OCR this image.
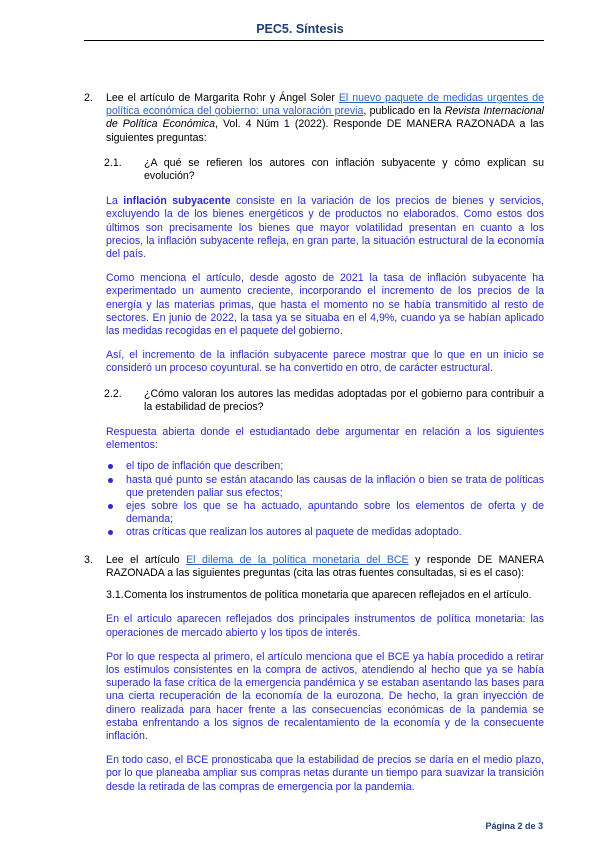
PEC5. Síntesis
2. Lee el artículo de Margarita Rohr y Ángel Soler El nuevo paquete de medidas urgentes de política económica del gobierno: una valoración previa, publicado en la Revista Internacional de Política Económica, Vol. 4 Núm 1 (2022). Responde DE MANERA RAZONADA a las siguientes preguntas:
2.1. ¿A qué se refieren los autores con inflación subyacente y cómo explican su evolución?
La inflación subyacente consiste en la variación de los precios de bienes y servicios, excluyendo la de los bienes energéticos y de productos no elaborados. Como estos dos últimos son precisamente los bienes que mayor volatilidad presentan en cuanto a los precios, la inflación subyacente refleja, en gran parte, la situación estructural de la economía del país.
Como menciona el artículo, desde agosto de 2021 la tasa de inflación subyacente ha experimentado un aumento creciente, incorporando el incremento de los precios de la energía y las materias primas, que hasta el momento no se había transmitido al resto de sectores. En junio de 2022, la tasa ya se situaba en el 4,9%, cuando ya se habían aplicado las medidas recogidas en el paquete del gobierno.
Así, el incremento de la inflación subyacente parece mostrar que lo que en un inicio se consideró un proceso coyuntural. se ha convertido en otro, de carácter estructural.
2.2. ¿Cómo valoran los autores las medidas adoptadas por el gobierno para contribuir a la estabilidad de precios?
Respuesta abierta donde el estudiantado debe argumentar en relación a los siguientes elementos:
el tipo de inflación que describen;
hasta qué punto se están atacando las causas de la inflación o bien se trata de políticas que pretenden paliar sus efectos;
ejes sobre los que se ha actuado, apuntando sobre los elementos de oferta y de demanda;
otras críticas que realizan los autores al paquete de medidas adoptado.
3. Lee el artículo El dilema de la política monetaria del BCE y responde DE MANERA RAZONADA a las siguientes preguntas (cita las otras fuentes consultadas, si es el caso):
3.1. Comenta los instrumentos de política monetaria que aparecen reflejados en el artículo.
En el artículo aparecen reflejados dos principales instrumentos de política monetaria: las operaciones de mercado abierto y los tipos de interés.
Por lo que respecta al primero, el artículo menciona que el BCE ya había procedido a retirar los estímulos consistentes en la compra de activos, atendiendo al hecho que ya se había superado la fase crítica de la emergencia pandémica y se estaban asentando las bases para una cierta recuperación de la economía de la eurozona. De hecho, la gran inyección de dinero realizada para hacer frente a las consecuencias económicas de la pandemia se estaba enfrentando a los signos de recalentamiento de la economía y de la consecuente inflación.
En todo caso, el BCE pronosticaba que la estabilidad de precios se daría en el medio plazo, por lo que planeaba ampliar sus compras netas durante un tiempo para suavizar la transición desde la retirada de las compras de emergencia por la pandemia.
Página 2 de 3
